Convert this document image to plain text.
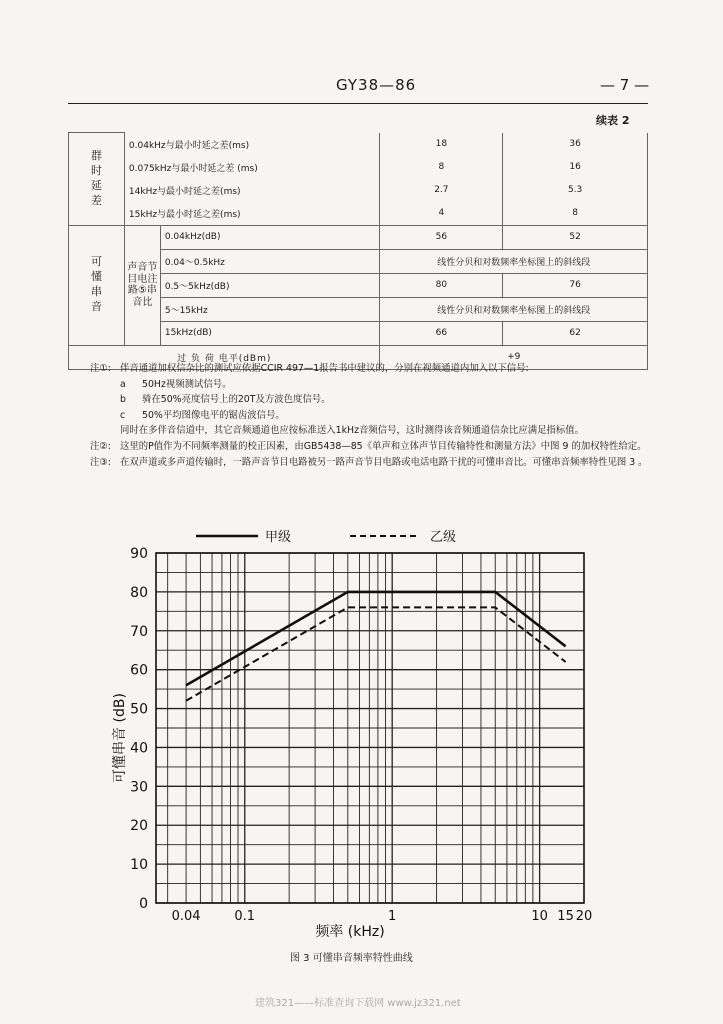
GY38—86	— 7 —
续表 2
群
时
延
差	0.04kHz与最小时延之差(ms)		18	36
	0.075kHz与最小时延之差 (ms)		8	16
	14kHz与最小时延之差(ms)		2.7	5.3
	15kHz与最小时延之差(ms)		4	8

可
懂
串
音	声音节目电注路⑤串音比	0.04kHz(dB)	56	52
		0.04～0.5kHz	线性分贝和对数频率坐标图上的斜线段	
		0.5～5kHz(dB)	80	76
		5～15kHz	线性分贝和对数频率坐标图上的斜线段	
		15kHz(dB)	66	62
过 负 荷 电平(dBm)			+9	
注①: 伴音通道加权信杂比的测试应依据CCIR 497—1报告书中建议的，分别在视频通道内加入以下信号:
a 50Hz视频测试信号。
b 骑在50%亮度信号上的20T及方波色度信号。
c 50%平均图像电平的锯齿波信号。
同时在多伴音信道中，其它音频通道也应按标准送入1kHz音频信号，这时测得该音频通道信杂比应满足指标值。
注②: 这里的P值作为不同频率测量的校正因素，由GB5438—85《单声和立体声节目传输特性和测量方法》中图 9 的加权特性给定。
注③: 在双声道或多声道传输时，一路声音节目电路被另一路声音节目电路或电话电路干扰的可懂串音比。可懂串音频率特性见图 3 。
0
10
20
30
40
50
60
70
80
90
0.04	0.1	1	10 15 20
频率 (kHz)
可懂串音 (dB)
甲级	乙级
图 3 可懂串音频率特性曲线
建筑321——标准查询下载网 www.jz321.net
